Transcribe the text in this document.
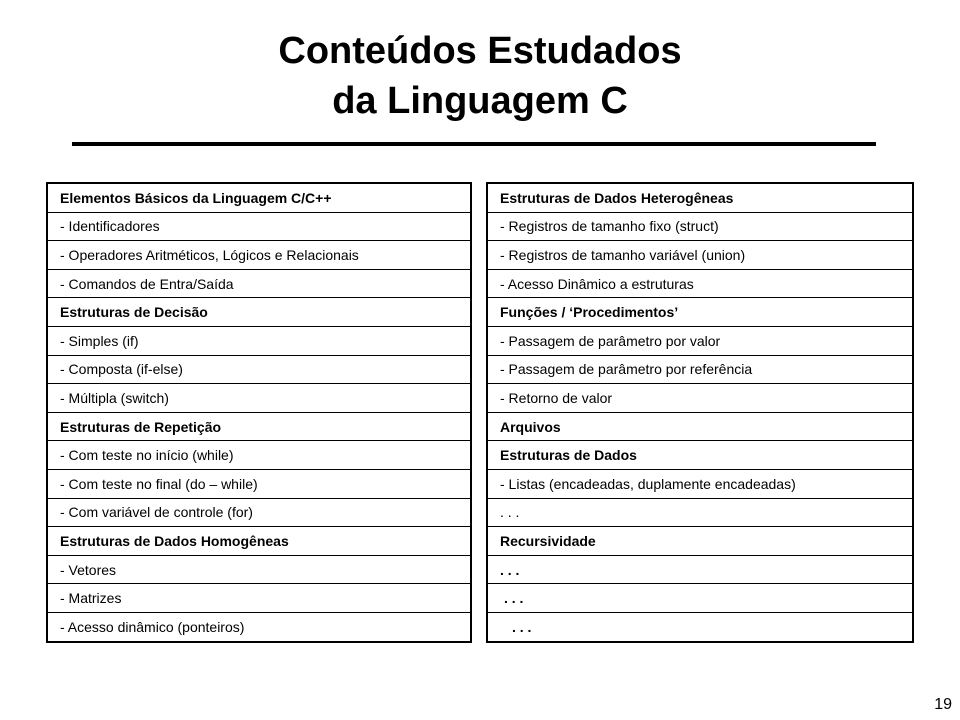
Conteúdos Estudados
da Linguagem C
Elementos Básicos da Linguagem C/C++
- Identificadores
- Operadores Aritméticos, Lógicos e Relacionais
- Comandos de Entra/Saída
Estruturas de Decisão
- Simples (if)
- Composta (if-else)
- Múltipla (switch)
Estruturas de Repetição
- Com teste no início (while)
- Com teste no final (do – while)
- Com variável de controle (for)
Estruturas de Dados Homogêneas
- Vetores
- Matrizes
- Acesso dinâmico (ponteiros)
Estruturas de Dados Heterogêneas
- Registros de tamanho fixo (struct)
- Registros de tamanho variável (union)
- Acesso Dinâmico a estruturas
Funções / ‘Procedimentos’
- Passagem de parâmetro por valor
- Passagem de parâmetro por referência
- Retorno de valor
Arquivos
Estruturas de Dados
- Listas (encadeadas, duplamente encadeadas)
. . .
Recursividade
. . .
. . .
. . .
19
